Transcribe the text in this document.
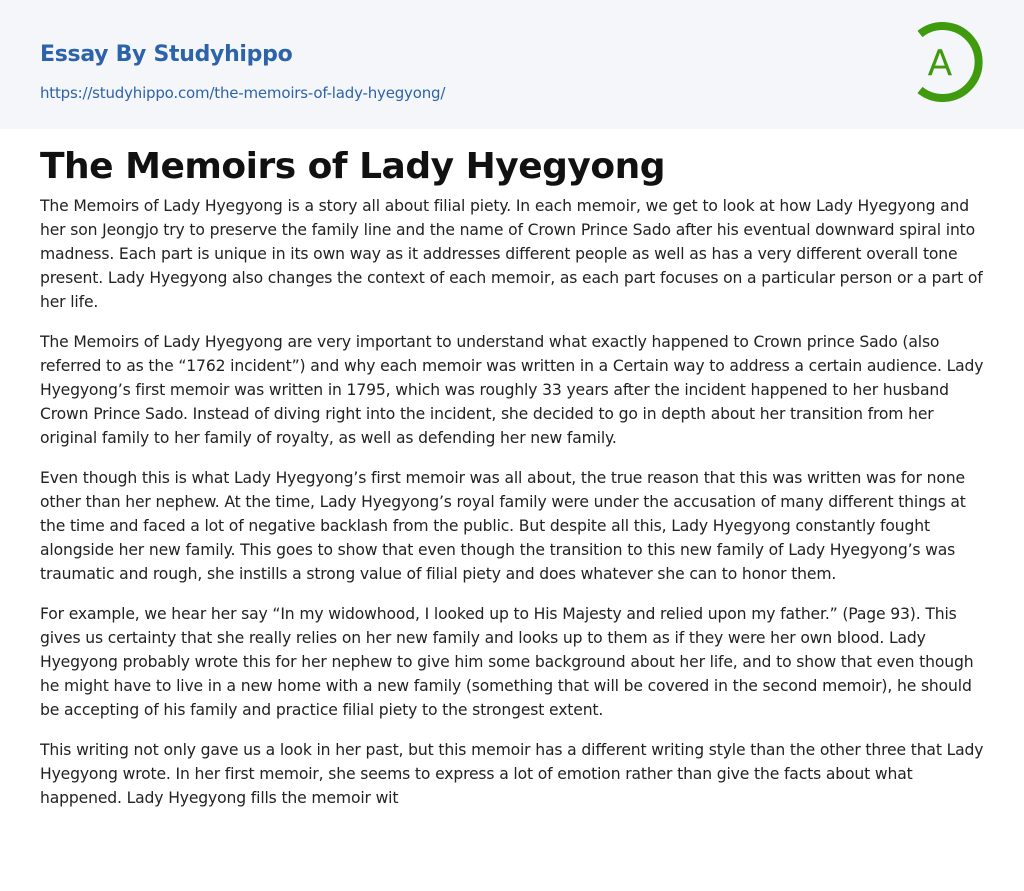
Essay By Studyhippo
https://studyhippo.com/the-memoirs-of-lady-hyegyong/
A
The Memoirs of Lady Hyegyong

The Memoirs of Lady Hyegyong is a story all about filial piety. In each memoir, we get to look at how Lady Hyegyong and her son Jeongjo try to preserve the family line and the name of Crown Prince Sado after his eventual downward spiral into madness. Each part is unique in its own way as it addresses different people as well as has a very different overall tone present. Lady Hyegyong also changes the context of each memoir, as each part focuses on a particular person or a part of her life.

The Memoirs of Lady Hyegyong are very important to understand what exactly happened to Crown prince Sado (also referred to as the “1762 incident”) and why each memoir was written in a Certain way to address a certain audience. Lady Hyegyong’s first memoir was written in 1795, which was roughly 33 years after the incident happened to her husband Crown Prince Sado. Instead of diving right into the incident, she decided to go in depth about her transition from her original family to her family of royalty, as well as defending her new family.

Even though this is what Lady Hyegyong’s first memoir was all about, the true reason that this was written was for none other than her nephew. At the time, Lady Hyegyong’s royal family were under the accusation of many different things at the time and faced a lot of negative backlash from the public. But despite all this, Lady Hyegyong constantly fought alongside her new family. This goes to show that even though the transition to this new family of Lady Hyegyong’s was traumatic and rough, she instills a strong value of filial piety and does whatever she can to honor them.

For example, we hear her say “In my widowhood, I looked up to His Majesty and relied upon my father.” (Page 93). This gives us certainty that she really relies on her new family and looks up to them as if they were her own blood. Lady Hyegyong probably wrote this for her nephew to give him some background about her life, and to show that even though he might have to live in a new home with a new family (something that will be covered in the second memoir), he should be accepting of his family and practice filial piety to the strongest extent.

This writing not only gave us a look in her past, but this memoir has a different writing style than the other three that Lady Hyegyong wrote. In her first memoir, she seems to express a lot of emotion rather than give the facts about what happened. Lady Hyegyong fills the memoir wit
